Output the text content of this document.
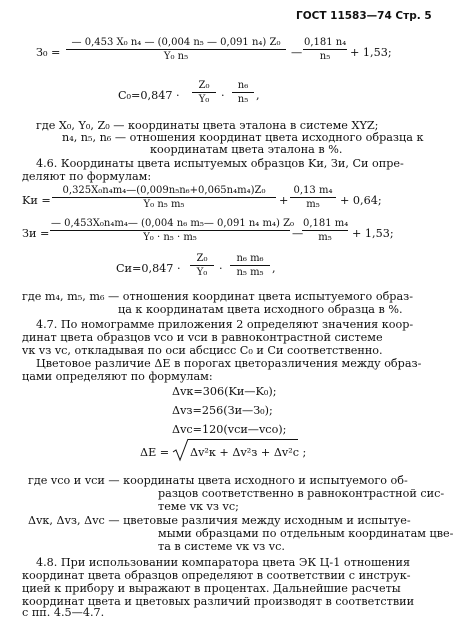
ГОСТ 11583—74 Стр. 5
$З_0 = \frac{\text{— 0,453 X₀ n₄ — (0,004 n₅ — 0,091 n₄) Z₀}}{\text{Y₀ n₅}}$ — $\frac{\text{0,181 n₄}}{\text{n₅}} + 1,53$;
$C_0=0,847 \cdot \frac{\text{Z₀}}{\text{Y₀}} \cdot \frac{\text{n₆}}{\text{n₅}}$ ,
где X₀, Y₀, Z₀ — координаты цвета эталона в системе XYZ;
n₄, n₅, n₆ — отношения координат цвета исходного образца к
координатам цвета эталона в %.
4.6. Координаты цвета испытуемых образцов Kи, Зи, Си опре-
деляют по формулам:
Kи = $\frac{\text{0,325X₀n₄m₄—(0,009n₅n₆+0,065n₄m₄)Z₀}}{\text{Y₀ n₅ m₅}} + \frac{\text{0,13 m₄}}{\text{m₅}} + 0,64$;
Зи = $\frac{\text{— 0,453X₀n₄m₄— (0,004 n₆ m₅— 0,091 n₄ m₄) Z₀}}{\text{Y₀ · n₅ · m₅}}$ —
$\frac{\text{0,181 m₄}}{\text{m₅}} + 1,53$;
$Cи=0,847 \cdot \frac{\text{Z₀}}{\text{Y₀}} \cdot \frac{\text{n₆ m₆}}{\text{n₅ m₅}}$ ,
где m₄, m₅, m₆ — отношения координат цвета испытуемого образ-
ца к координатам цвета исходного образца в %.
4.7. По номограмме приложения 2 определяют значения коор-
динат цвета образцов vсо и vси в равноконтрастной системе
vк vз vс, откладывая по оси абсцисс C₀ и Cи соответственно.
Цветовое различие ΔE в порогах цветоразличения между образ-
цами определяют по формулам:
Δvк=306(Kи—K₀);
Δvз=256(Зи—З₀);
Δvс=120(vси—vсо);
ΔE = Δv²к + Δv²з + Δv²с ;
где vсо и vси — координаты цвета исходного и испытуемого об-
разцов соответственно в равноконтрастной сис-
теме vк vз vс;
Δvк, Δvз, Δvс — цветовые различия между исходным и испытуе-
мыми образцами по отдельным координатам цве-
та в системе vк vз vс.
4.8. При использовании компаратора цвета ЭК Ц-1 отношения
координат цвета образцов определяют в соответствии с инструк-
цией к прибору и выражают в процентах. Дальнейшие расчеты
координат цвета и цветовых различий производят в соответствии
с пп. 4.5—4.7.
